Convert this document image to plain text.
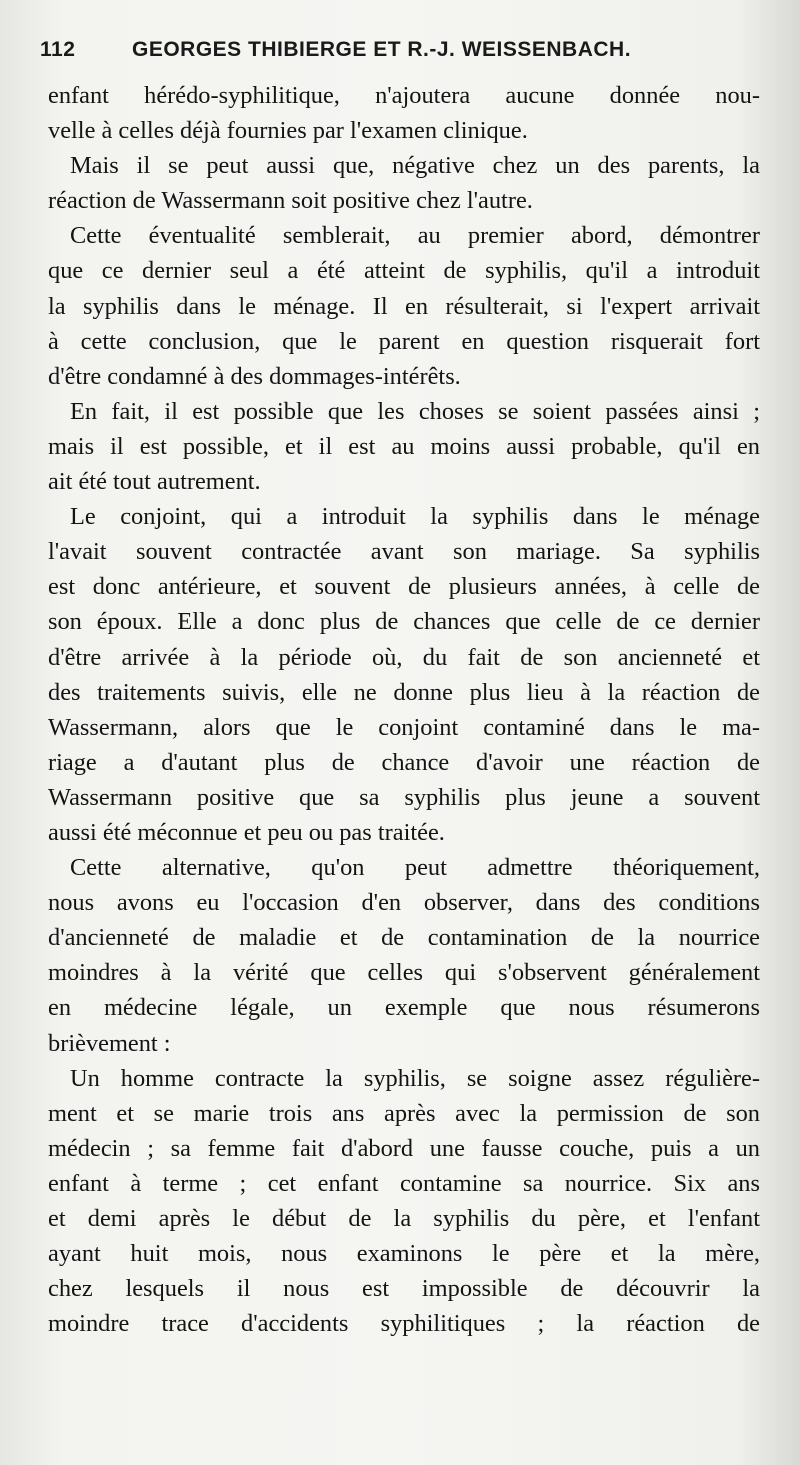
112	GEORGES THIBIERGE ET R.-J. WEISSENBACH.
enfant hérédo-syphilitique, n'ajoutera aucune donnée nou-
velle à celles déjà fournies par l'examen clinique.
Mais il se peut aussi que, négative chez un des parents, la
réaction de Wassermann soit positive chez l'autre.
Cette éventualité semblerait, au premier abord, démontrer
que ce dernier seul a été atteint de syphilis, qu'il a introduit
la syphilis dans le ménage. Il en résulterait, si l'expert arrivait
à cette conclusion, que le parent en question risquerait fort
d'être condamné à des dommages-intérêts.
En fait, il est possible que les choses se soient passées ainsi ;
mais il est possible, et il est au moins aussi probable, qu'il en
ait été tout autrement.
Le conjoint, qui a introduit la syphilis dans le ménage
l'avait souvent contractée avant son mariage. Sa syphilis
est donc antérieure, et souvent de plusieurs années, à celle de
son époux. Elle a donc plus de chances que celle de ce dernier
d'être arrivée à la période où, du fait de son ancienneté et
des traitements suivis, elle ne donne plus lieu à la réaction de
Wassermann, alors que le conjoint contaminé dans le ma-
riage a d'autant plus de chance d'avoir une réaction de
Wassermann positive que sa syphilis plus jeune a souvent
aussi été méconnue et peu ou pas traitée.
Cette alternative, qu'on peut admettre théoriquement,
nous avons eu l'occasion d'en observer, dans des conditions
d'ancienneté de maladie et de contamination de la nourrice
moindres à la vérité que celles qui s'observent généralement
en médecine légale, un exemple que nous résumerons
brièvement :
Un homme contracte la syphilis, se soigne assez régulière-
ment et se marie trois ans après avec la permission de son
médecin ; sa femme fait d'abord une fausse couche, puis a un
enfant à terme ; cet enfant contamine sa nourrice. Six ans
et demi après le début de la syphilis du père, et l'enfant
ayant huit mois, nous examinons le père et la mère,
chez lesquels il nous est impossible de découvrir la
moindre trace d'accidents syphilitiques ; la réaction de
